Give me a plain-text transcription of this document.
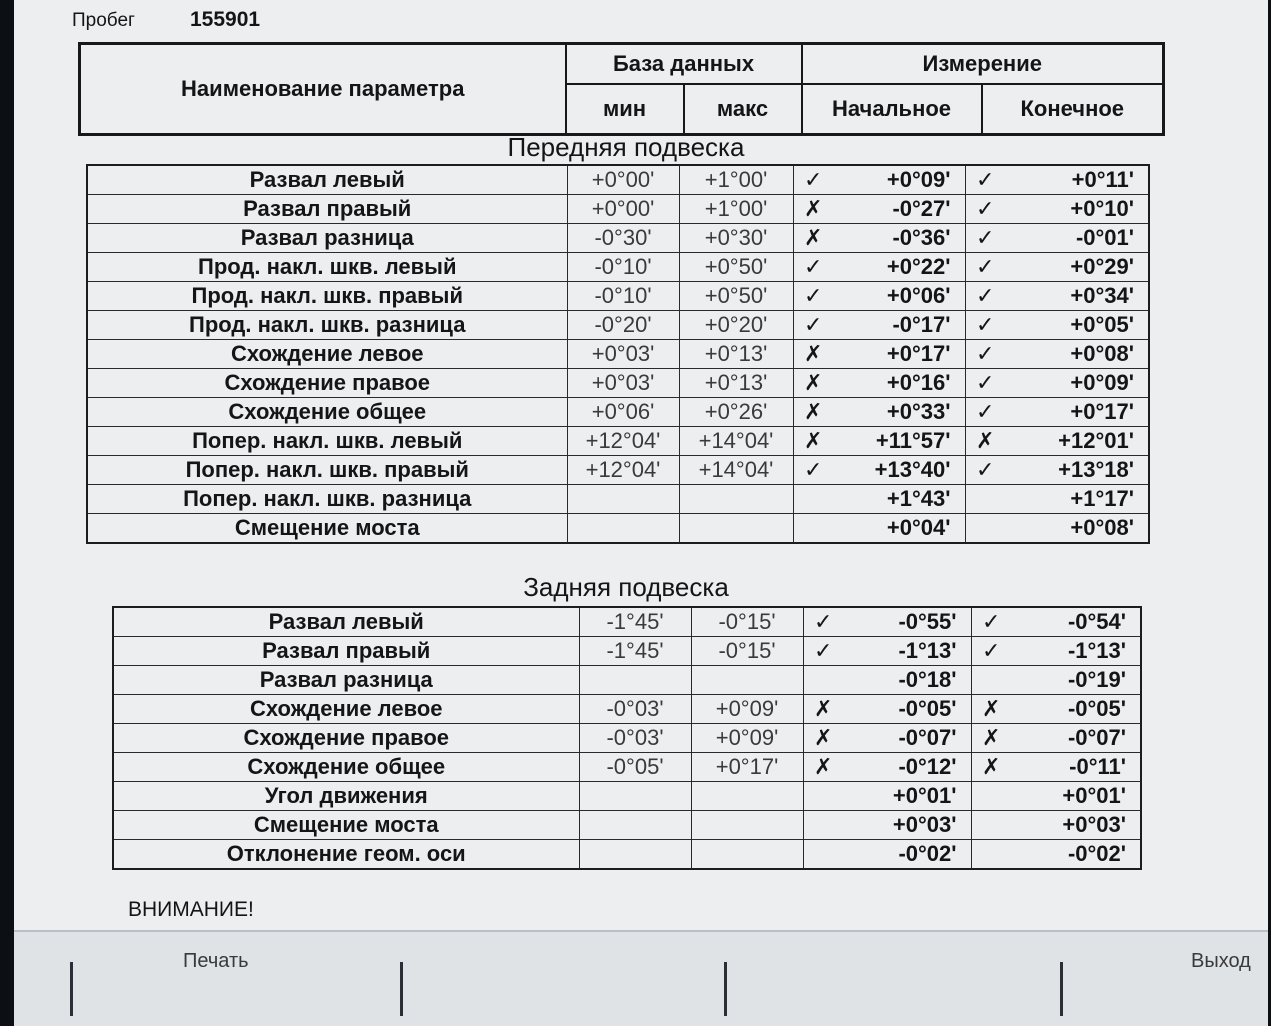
Пробег	155901
Наименование параметра	База данных		Измерение	
	мин	макс	Начальное	Конечное
Передняя подвеска
Развал левый	+0°00'	+1°00'	✓	+0°09'	✓	+0°11'
Развал правый	+0°00'	+1°00'	✗	-0°27'	✓	+0°10'
Развал разница	-0°30'	+0°30'	✗	-0°36'	✓	-0°01'
Прод. накл. шкв. левый	-0°10'	+0°50'	✓	+0°22'	✓	+0°29'
Прод. накл. шкв. правый	-0°10'	+0°50'	✓	+0°06'	✓	+0°34'
Прод. накл. шкв. разница	-0°20'	+0°20'	✓	-0°17'	✓	+0°05'
Схождение левое	+0°03'	+0°13'	✗	+0°17'	✓	+0°08'
Схождение правое	+0°03'	+0°13'	✗	+0°16'	✓	+0°09'
Схождение общее	+0°06'	+0°26'	✗	+0°33'	✓	+0°17'
Попер. накл. шкв. левый	+12°04'	+14°04'	✗	+11°57'	✗	+12°01'
Попер. накл. шкв. правый	+12°04'	+14°04'	✓	+13°40'	✓	+13°18'
Попер. накл. шкв. разница				+1°43'		+1°17'
Смещение моста				+0°04'		+0°08'
Задняя подвеска
Развал левый	-1°45'	-0°15'	✓	-0°55'	✓	-0°54'
Развал правый	-1°45'	-0°15'	✓	-1°13'	✓	-1°13'
Развал разница				-0°18'		-0°19'
Схождение левое	-0°03'	+0°09'	✗	-0°05'	✗	-0°05'
Схождение правое	-0°03'	+0°09'	✗	-0°07'	✗	-0°07'
Схождение общее	-0°05'	+0°17'	✗	-0°12'	✗	-0°11'
Угол движения				+0°01'		+0°01'
Смещение моста				+0°03'		+0°03'
Отклонение геом. оси				-0°02'		-0°02'
ВНИМАНИЕ!
Печать	Выход
